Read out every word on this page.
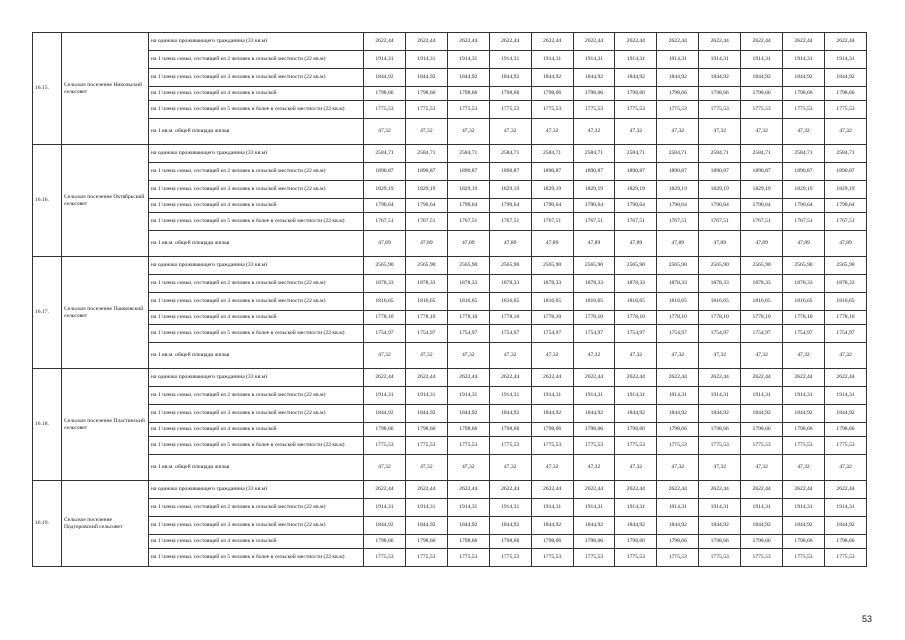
16.15.	Сельское поселение Никольский сельсовет	на одиноко проживающего гражданина (33 кв.м)	2622,44	2622,44	2622,44	2622,44	2622,44	2622,44	2622,44	2622,44	2622,44	2622,44	2622,44	2622,44
		на 1 члена семьи, состоящей из 2 человек в сельской местности (22 кв.м)	1914,31	1914,31	1914,31	1914,31	1914,31	1914,31	1914,31	1914,31	1914,31	1914,31	1914,31	1914,31
		на 1 члена семьи, состоящей из 3 человек в сельской местности (22 кв.м)	1844,92	1844,92	1844,92	1844,92	1844,92	1844,92	1844,92	1844,92	1844,92	1844,92	1844,92	1844,92
		на 1 члена семьи, состоящей из 4 человек в сельской	1798,66	1798,66	1798,66	1798,66	1798,66	1798,66	1798,66	1798,66	1798,66	1798,66	1798,66	1798,66
		на 1 члена семьи, состоящей из 5 человек и более в сельской местности (22 кв.м)	1775,53	1775,53	1775,53	1775,53	1775,53	1775,53	1775,53	1775,53	1775,53	1775,53	1775,53	1775,53
		на 1 кв.м. общей площади жилья	47,32	47,32	47,32	47,32	47,32	47,32	47,32	47,32	47,32	47,32	47,32	47,32
16.16.	Сельское поселение Октябрьский сельсовет	на одиноко проживающего гражданина (33 кв.м)	2584,71	2584,71	2584,71	2584,71	2584,71	2584,71	2584,71	2584,71	2584,71	2584,71	2584,71	2584,71
		на 1 члена семьи, состоящей из 2 человек в сельской местности (22 кв.м)	1890,87	1890,87	1890,87	1890,87	1890,87	1890,87	1890,87	1890,87	1890,87	1890,87	1890,87	1890,87
		на 1 члена семьи, состоящей из 3 человек в сельской местности (22 кв.м)	1829,19	1829,19	1829,19	1829,19	1829,19	1829,19	1829,19	1829,19	1829,19	1829,19	1829,19	1829,19
		на 1 члена семьи, состоящей из 4 человек в сельской	1790,64	1790,64	1790,64	1790,64	1790,64	1790,64	1790,64	1790,64	1790,64	1790,64	1790,64	1790,64
		на 1 члена семьи, состоящей из 5 человек и более в сельской местности (22 кв.м)	1767,51	1767,51	1767,51	1767,51	1767,51	1767,51	1767,51	1767,51	1767,51	1767,51	1767,51	1767,51
		на 1 кв.м. общей площади жилья	47,89	47,89	47,89	47,89	47,89	47,89	47,89	47,89	47,89	47,89	47,89	47,89
16.17.	Сельское поселение Пашковский сельсовет	на одиноко проживающего гражданина (33 кв.м)	2565,90	2565,90	2565,90	2565,90	2565,90	2565,90	2565,90	2565,90	2565,90	2565,90	2565,90	2565,90
		на 1 члена семьи, состоящей из 2 человек в сельской местности (22 кв.м)	1878,33	1878,33	1878,33	1878,33	1878,33	1878,33	1878,33	1878,33	1878,33	1878,33	1878,33	1878,33
		на 1 члена семьи, состоящей из 3 человек в сельской местности (22 кв.м)	1816,65	1816,65	1816,65	1816,65	1816,65	1816,65	1816,65	1816,65	1816,65	1816,65	1816,65	1816,65
		на 1 члена семьи, состоящей из 4 человек в сельской	1778,10	1778,10	1778,10	1778,10	1778,10	1778,10	1778,10	1778,10	1778,10	1778,10	1778,10	1778,10
		на 1 члена семьи, состоящей из 5 человек и более в сельской местности (22 кв.м)	1754,97	1754,97	1754,97	1754,97	1754,97	1754,97	1754,97	1754,97	1754,97	1754,97	1754,97	1754,97
		на 1 кв.м. общей площади жилья	47,32	47,32	47,32	47,32	47,32	47,32	47,32	47,32	47,32	47,32	47,32	47,32
16.18.	Сельское поселение Пластинский сельсовет	на одиноко проживающего гражданина (33 кв.м)	2622,44	2622,44	2622,44	2622,44	2622,44	2622,44	2622,44	2622,44	2622,44	2622,44	2622,44	2622,44
		на 1 члена семьи, состоящей из 2 человек в сельской местности (22 кв.м)	1914,31	1914,31	1914,31	1914,31	1914,31	1914,31	1914,31	1914,31	1914,31	1914,31	1914,31	1914,31
		на 1 члена семьи, состоящей из 3 человек в сельской местности (22 кв.м)	1844,92	1844,92	1844,92	1844,92	1844,92	1844,92	1844,92	1844,92	1844,92	1844,92	1844,92	1844,92
		на 1 члена семьи, состоящей из 4 человек в сельской	1798,66	1798,66	1798,66	1798,66	1798,66	1798,66	1798,66	1798,66	1798,66	1798,66	1798,66	1798,66
		на 1 члена семьи, состоящей из 5 человек и более в сельской местности (22 кв.м)	1775,53	1775,53	1775,53	1775,53	1775,53	1775,53	1775,53	1775,53	1775,53	1775,53	1775,53	1775,53
		на 1 кв.м. общей площади жилья	47,32	47,32	47,32	47,32	47,32	47,32	47,32	47,32	47,32	47,32	47,32	47,32
16.19.	Сельское поселение Подгоровский сельсовет	на одиноко проживающего гражданина (33 кв.м)	2622,44	2622,44	2622,44	2622,44	2622,44	2622,44	2622,44	2622,44	2622,44	2622,44	2622,44	2622,44
		на 1 члена семьи, состоящей из 2 человек в сельской местности (22 кв.м)	1914,31	1914,31	1914,31	1914,31	1914,31	1914,31	1914,31	1914,31	1914,31	1914,31	1914,31	1914,31
		на 1 члена семьи, состоящей из 3 человек в сельской местности (22 кв.м)	1844,92	1844,92	1844,92	1844,92	1844,92	1844,92	1844,92	1844,92	1844,92	1844,92	1844,92	1844,92
		на 1 члена семьи, состоящей из 4 человек в сельской	1798,66	1798,66	1798,66	1798,66	1798,66	1798,66	1798,66	1798,66	1798,66	1798,66	1798,66	1798,66
		на 1 члена семьи, состоящей из 5 человек и более в сельской местности (22 кв.м)	1775,53	1775,53	1775,53	1775,53	1775,53	1775,53	1775,53	1775,53	1775,53	1775,53	1775,53	1775,53
53
